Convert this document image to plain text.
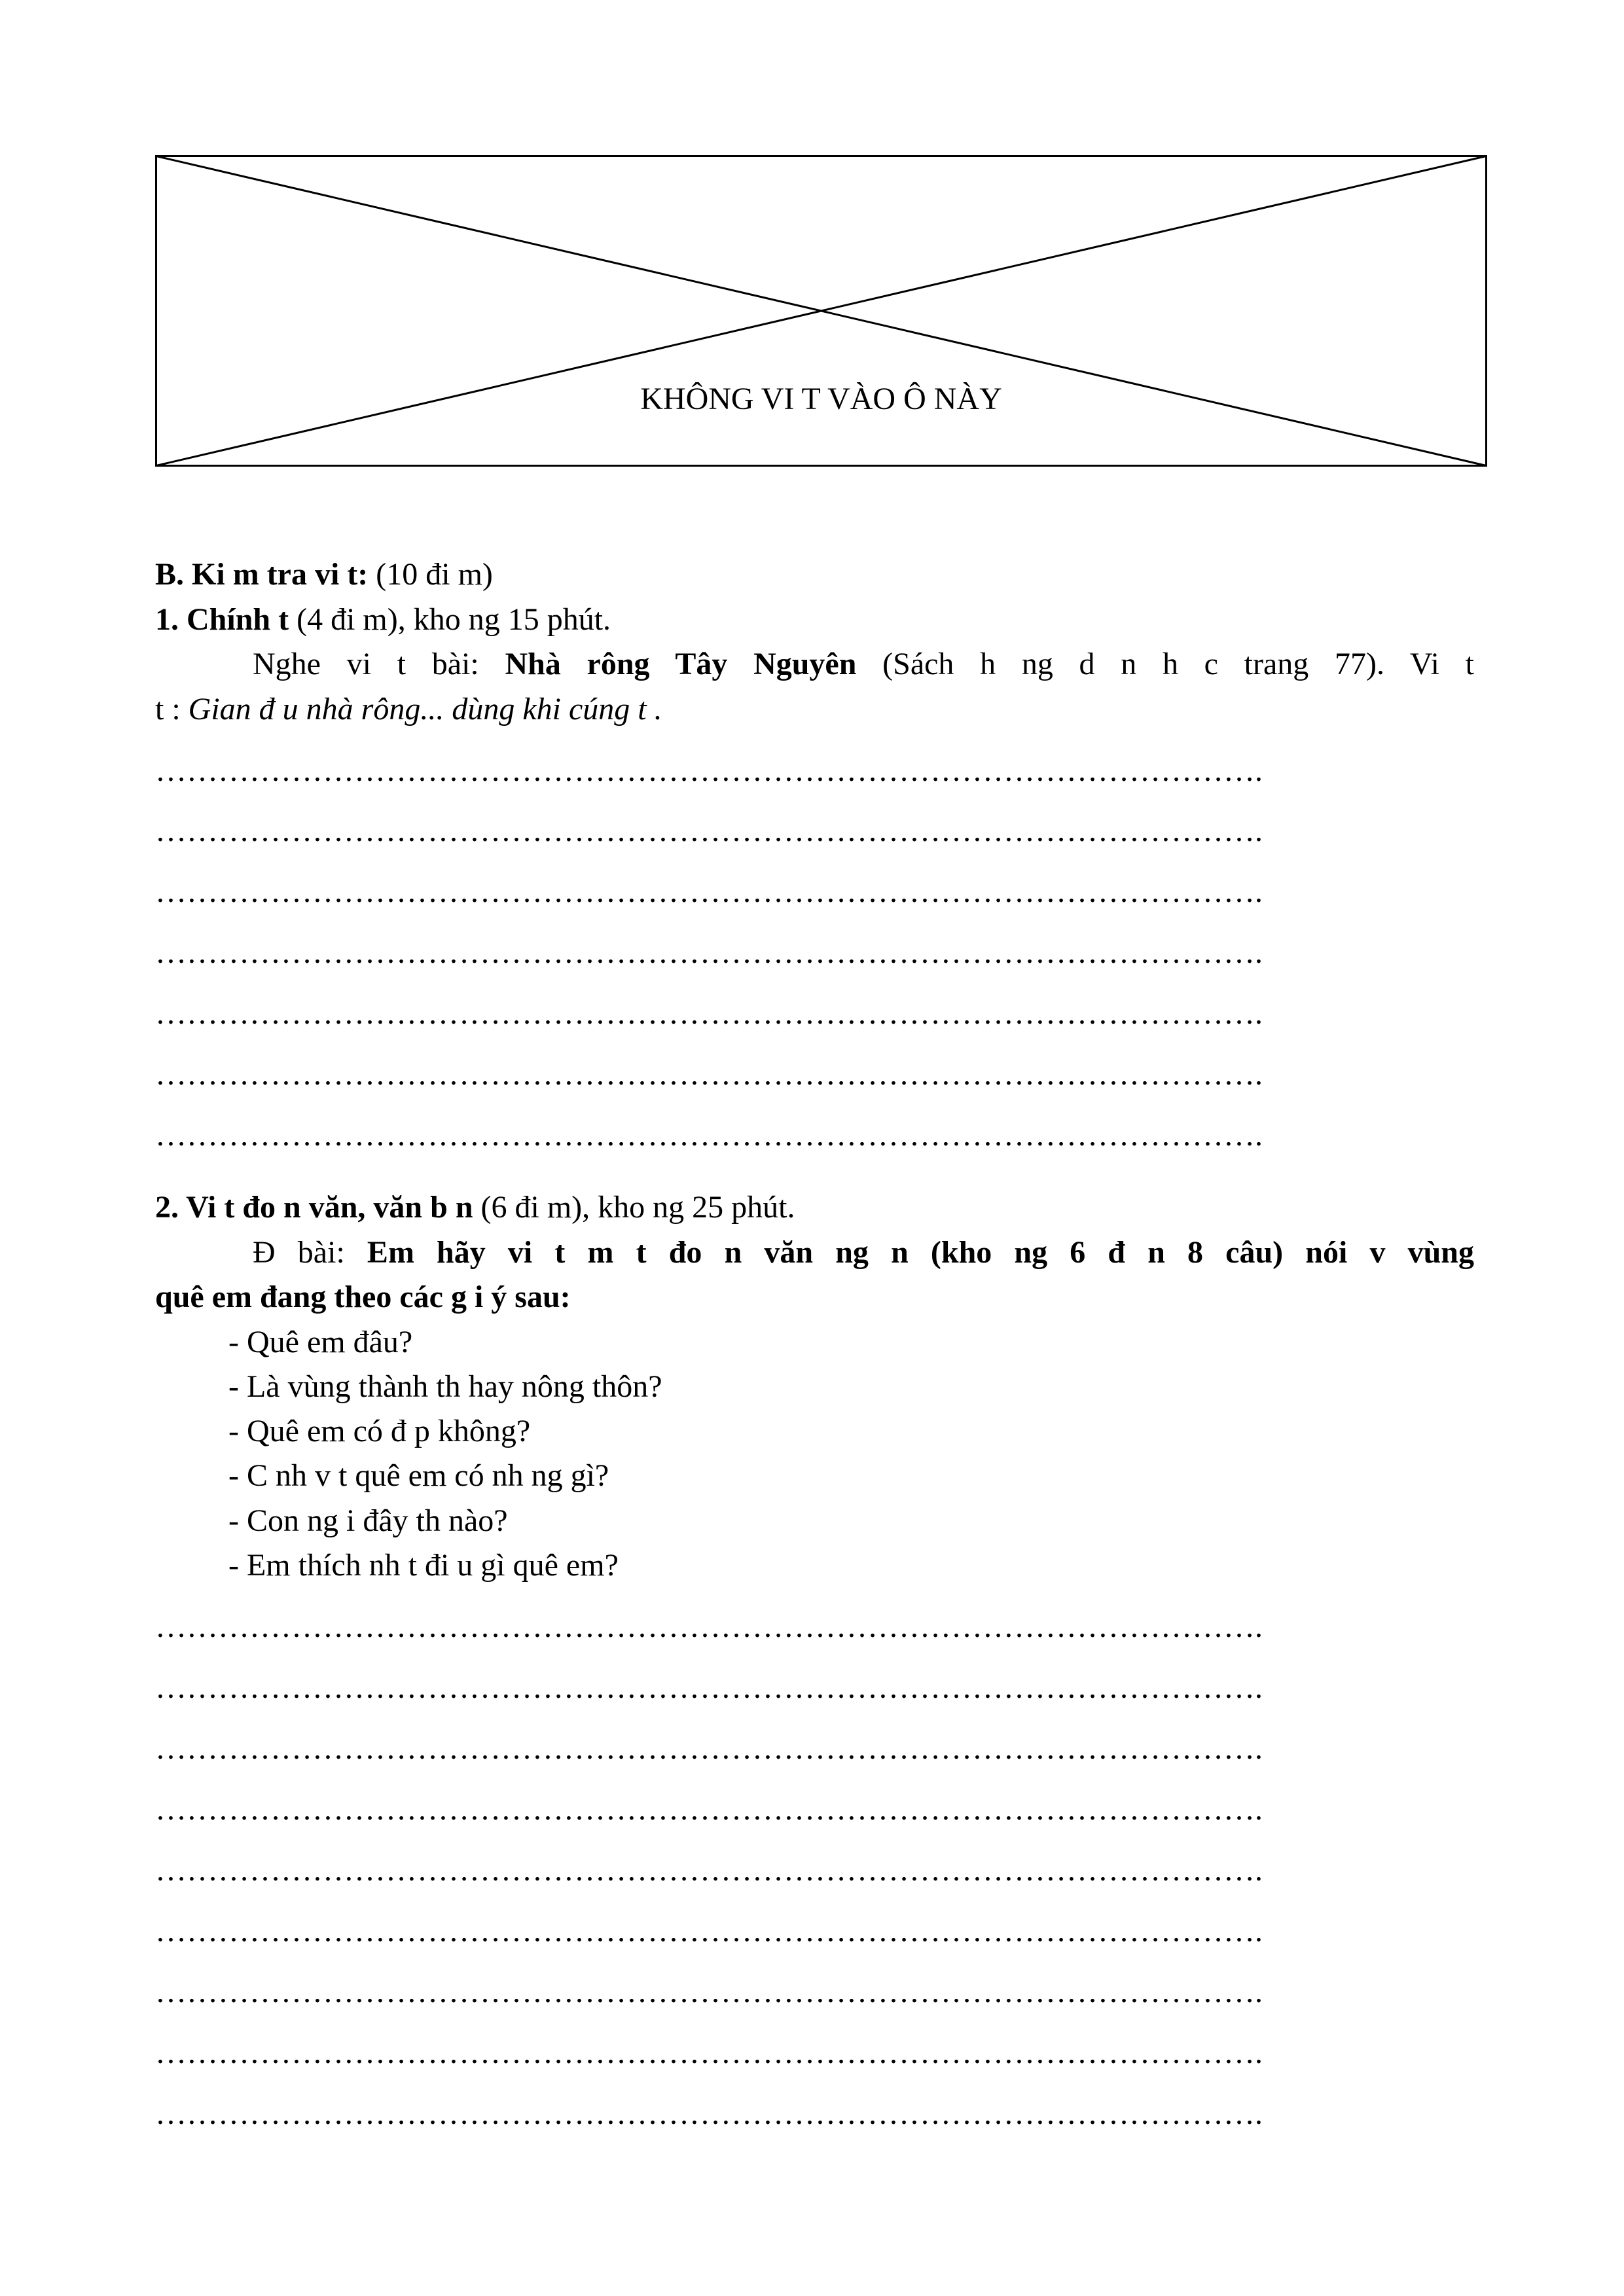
KHÔNG VI T VÀO Ô NÀY
B. Ki m tra vi t: (10 đi m)
1. Chính t (4 đi m), kho ng 15 phút.
Nghe vi t bài: Nhà rông Tây Nguyên (Sách h ng d n h c trang 77). Vi t
t : Gian đ u nhà rông... dùng khi cúng t .
…………………………………………………………………………………………….
…………………………………………………………………………………………….
…………………………………………………………………………………………….
…………………………………………………………………………………………….
…………………………………………………………………………………………….
…………………………………………………………………………………………….
…………………………………………………………………………………………….
2. Vi t đo n văn, văn b n (6 đi m), kho ng 25 phút.
Đ bài: Em hãy vi t m t đo n văn ng n (kho ng 6 đ n 8 câu) nói v vùng
quê em đang theo các g i ý sau:
- Quê em đâu?
- Là vùng thành th hay nông thôn?
- Quê em có đ p không?
- C nh v t quê em có nh ng gì?
- Con ng i đây th nào?
- Em thích nh t đi u gì quê em?
…………………………………………………………………………………………….
…………………………………………………………………………………………….
…………………………………………………………………………………………….
…………………………………………………………………………………………….
…………………………………………………………………………………………….
…………………………………………………………………………………………….
…………………………………………………………………………………………….
…………………………………………………………………………………………….
…………………………………………………………………………………………….
